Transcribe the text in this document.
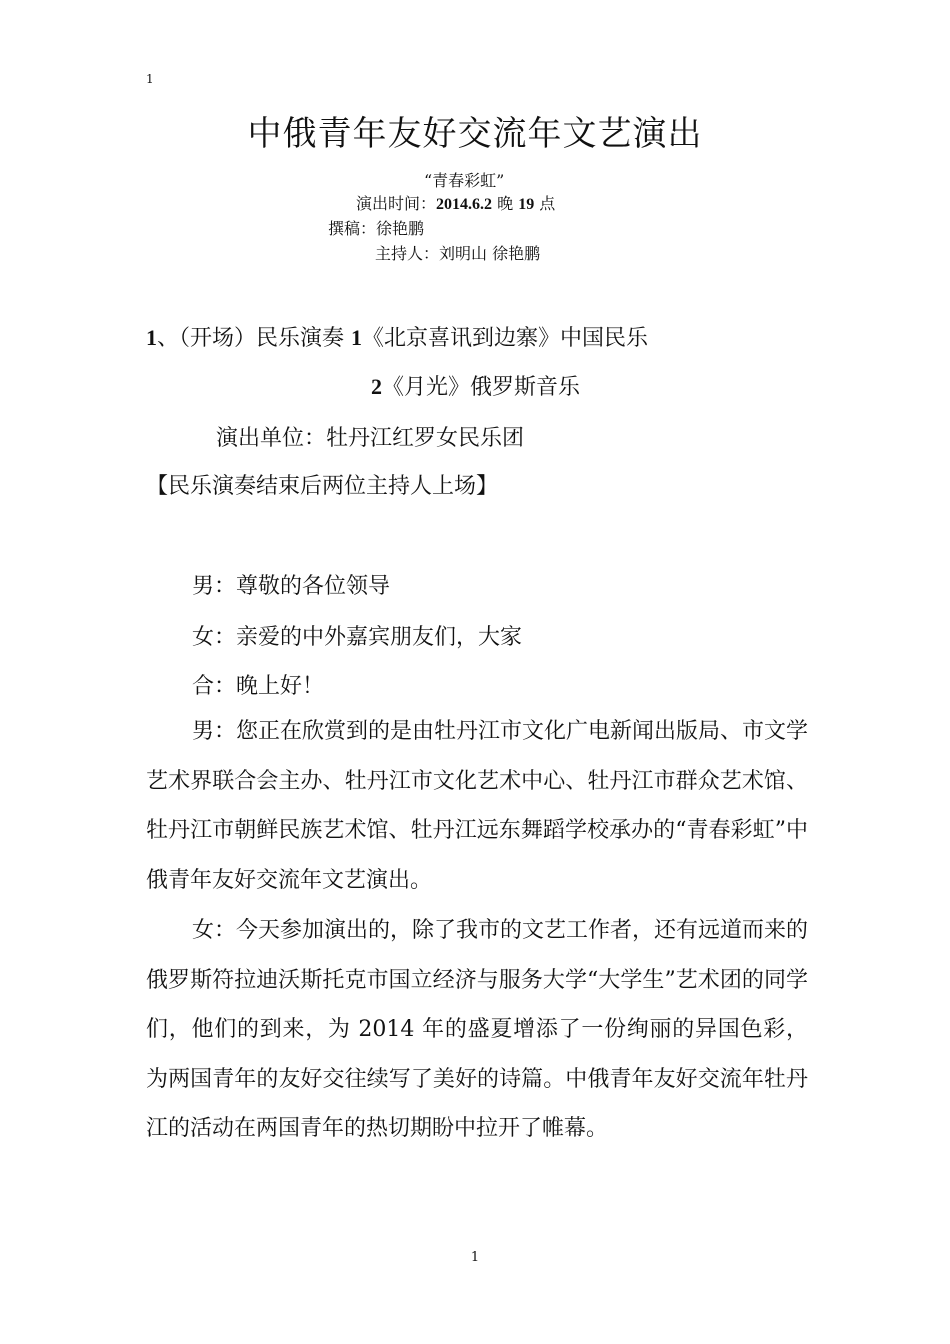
1
中俄青年友好交流年文艺演出
“青春彩虹”
演出时间：2014.6.2 晚 19 点
撰稿：徐艳鹏
主持人：刘明山 徐艳鹏
1、（开场）民乐演奏 1《北京喜讯到边寨》中国民乐
2《月光》俄罗斯音乐
演出单位：牡丹江红罗女民乐团
【民乐演奏结束后两位主持人上场】
男：尊敬的各位领导
女：亲爱的中外嘉宾朋友们，大家
合：晚上好！

男：您正在欣赏到的是由牡丹江市文化广电新闻出版局、市文学艺术界联合会主办、牡丹江市文化艺术中心、牡丹江市群众艺术馆、牡丹江市朝鲜民族艺术馆、牡丹江远东舞蹈学校承办的“青春彩虹”中俄青年友好交流年文艺演出。

女：今天参加演出的，除了我市的文艺工作者，还有远道而来的俄罗斯符拉迪沃斯托克市国立经济与服务大学“大学生”艺术团的同学们，他们的到来，为 2014 年的盛夏增添了一份绚丽的异国色彩，为两国青年的友好交往续写了美好的诗篇。中俄青年友好交流年牡丹江的活动在两国青年的热切期盼中拉开了帷幕。

1
